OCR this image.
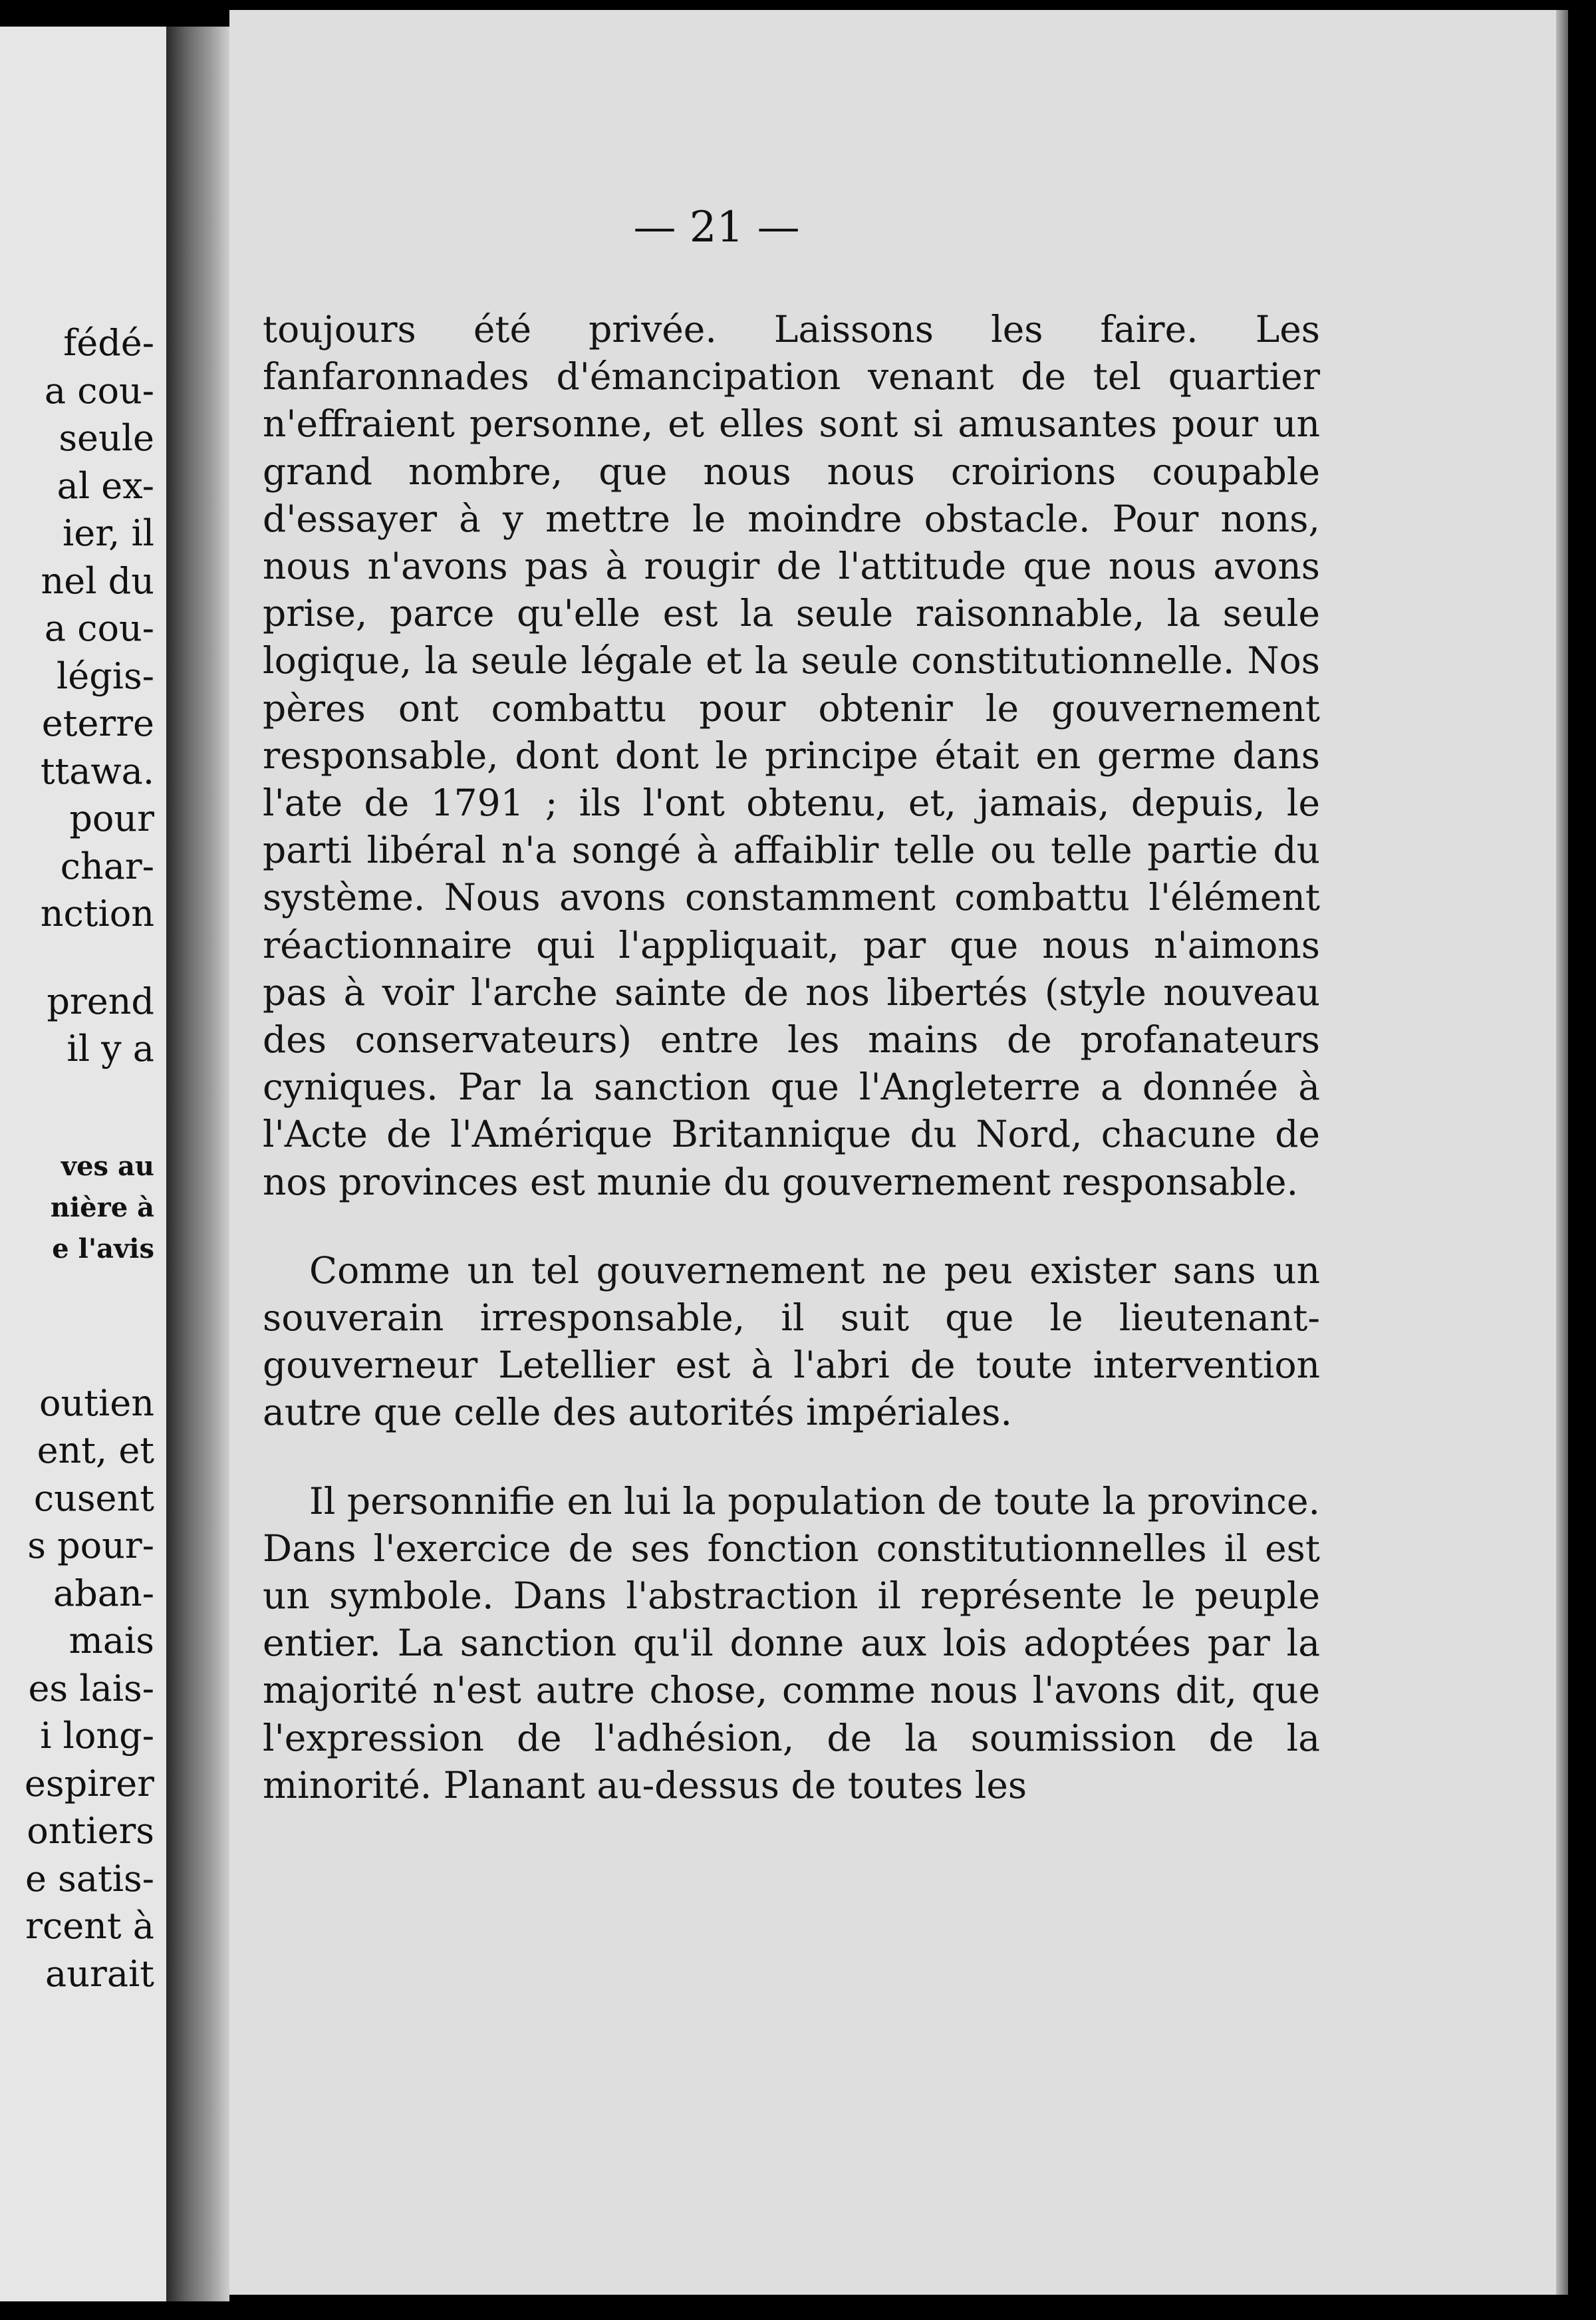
fédé-
a cou-
seule
al ex-
ier, il
nel du
a cou-
légis-
eterre
ttawa.
pour
char-
nction
prend
il y a
ves au
nière à
e l'avis
outien
ent, et
cusent
s pour-
aban-
mais
es lais-
i long-
espirer
ontiers
e satis-
rcent à
aurait
— 21 —

toujours été privée. Laissons les faire. Les fanfaronnades d'émancipation venant de tel quartier n'effraient personne, et elles sont si amusantes pour un grand nombre, que nous nous croirions coupable d'essayer à y mettre le moindre obstacle. Pour nons, nous n'avons pas à rougir de l'attitude que nous avons prise, parce qu'elle est la seule raisonnable, la seule logique, la seule légale et la seule constitutionnelle. Nos pères ont combattu pour obtenir le gouvernement responsable, dont dont le principe était en germe dans l'ate de 1791 ; ils l'ont obtenu, et, jamais, depuis, le parti libéral n'a songé à affaiblir telle ou telle partie du système. Nous avons constamment combattu l'élément réactionnaire qui l'appliquait, par que nous n'aimons pas à voir l'arche sainte de nos libertés (style nouveau des conservateurs) entre les mains de profanateurs cyniques. Par la sanction que l'Angleterre a donnée à l'Acte de l'Amérique Britannique du Nord, chacune de nos provinces est munie du gouvernement responsable.

Comme un tel gouvernement ne peu exister sans un souverain irresponsable, il suit que le lieutenant-gouverneur Letellier est à l'abri de toute intervention autre que celle des autorités impériales.

Il personnifie en lui la population de toute la province. Dans l'exercice de ses fonction constitutionnelles il est un symbole. Dans l'abstraction il représente le peuple entier. La sanction qu'il donne aux lois adoptées par la majorité n'est autre chose, comme nous l'avons dit, que l'expression de l'adhésion, de la soumission de la minorité. Planant au-dessus de toutes les
